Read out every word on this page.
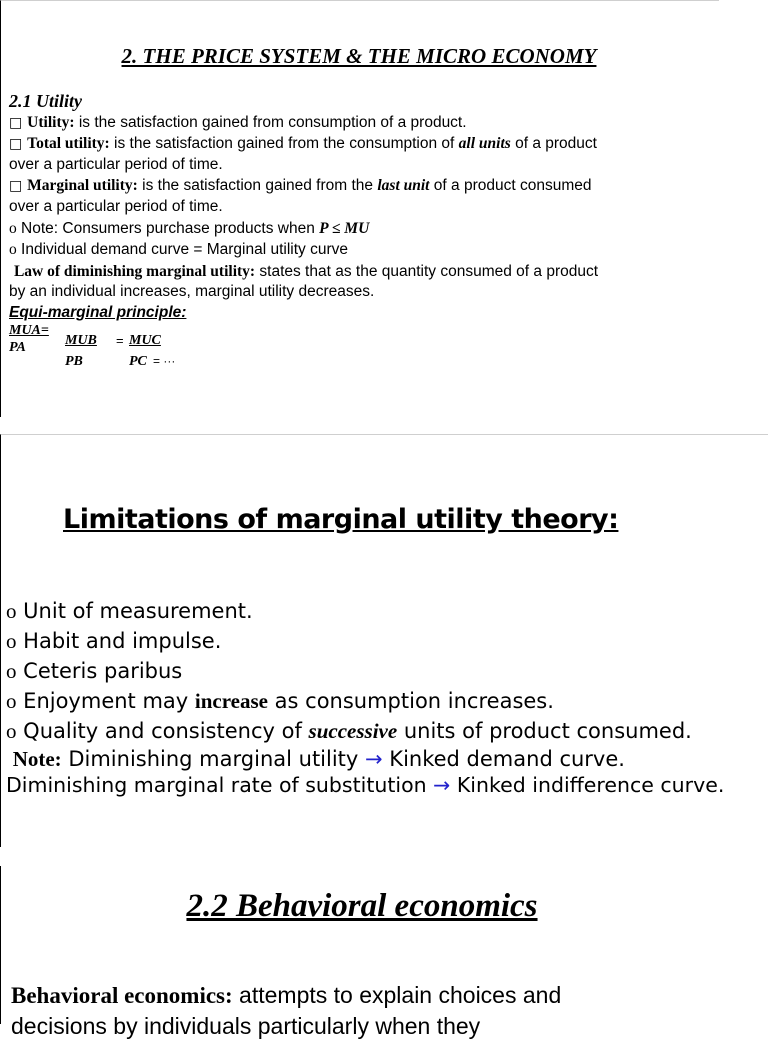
2. THE PRICE SYSTEM & THE MICRO ECONOMY
2.1 Utility
□ Utility: is the satisfaction gained from consumption of a product.
□ Total utility: is the satisfaction gained from the consumption of all units of a product
over a particular period of time.
□ Marginal utility: is the satisfaction gained from the last unit of a product consumed
over a particular period of time.
o Note: Consumers purchase products when P ≤ MU
o Individual demand curve = Marginal utility curve
Law of diminishing marginal utility: states that as the quantity consumed of a product
by an individual increases, marginal utility decreases.
Equi-marginal principle:
MUA=
PA	MUB = MUC
PB	PC = ···
Limitations of marginal utility theory:
o Unit of measurement.
o Habit and impulse.
o Ceteris paribus
o Enjoyment may increase as consumption increases.
o Quality and consistency of successive units of product consumed.
Note: Diminishing marginal utility → Kinked demand curve.
Diminishing marginal rate of substitution → Kinked indifference curve.
2.2 Behavioral economics
Behavioral economics: attempts to explain choices and
decisions by individuals particularly when they
